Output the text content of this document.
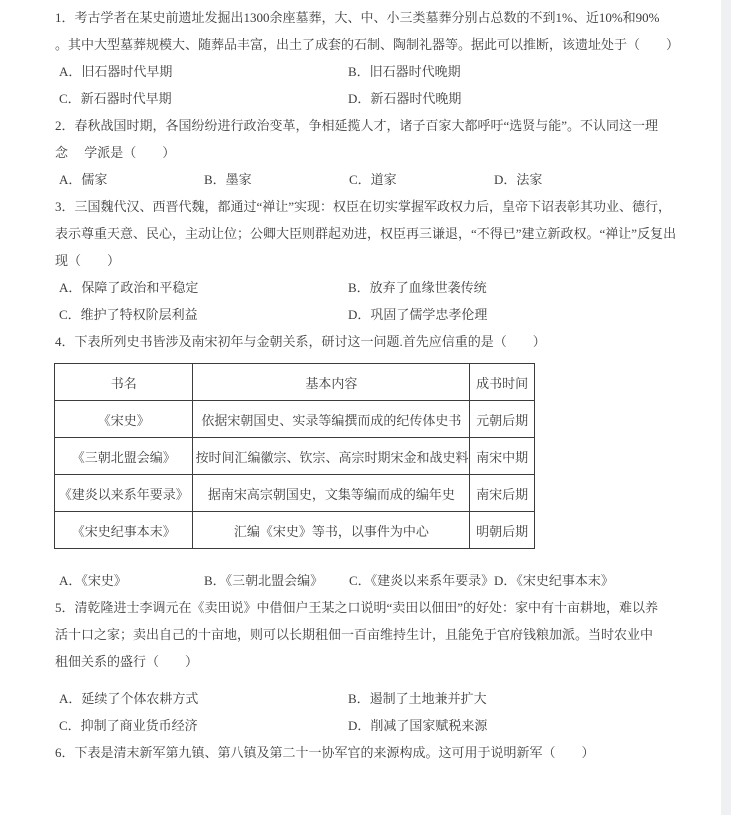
1．考古学者在某史前遗址发掘出1300余座墓葬，大、中、小三类墓葬分别占总数的不到1%、近10%和90%
。其中大型墓葬规模大、随葬品丰富，出土了成套的石制、陶制礼器等。据此可以推断，该遗址处于（　　）
A．旧石器时代早期	B．旧石器时代晚期
C．新石器时代早期	D．新石器时代晚期
2．春秋战国时期，各国纷纷进行政治变革，争相延揽人才，诸子百家大都呼吁“选贤与能”。不认同这一理
念　 学派是（　　）
A．儒家	B．墨家	C．道家	D．法家
3．三国魏代汉、西晋代魏，都通过“禅让”实现：权臣在切实掌握军政权力后，皇帝下诏表彰其功业、德行，
表示尊重天意、民心，主动让位；公卿大臣则群起劝进，权臣再三谦退，“不得已”建立新政权。“禅让”反复出
现（　　）
A．保障了政治和平稳定	B．放弃了血缘世袭传统
C．维护了特权阶层利益	D．巩固了儒学忠孝伦理
4．下表所列史书皆涉及南宋初年与金朝关系，研讨这一问题.首先应信重的是（　　）
书名	基本内容	成书时间
《宋史》	依据宋朝国史、实录等编撰而成的纪传体史书	元朝后期
《三朝北盟会编》	按时间汇编徽宗、钦宗、高宗时期宋金和战史料	南宋中期
《建炎以来系年要录》	据南宋高宗朝国史，文集等编而成的编年史	南宋后期
《宋史纪事本末》	汇编《宋史》等书，以事件为中心	明朝后期
A．《宋史》	B．《三朝北盟会编》	C．《建炎以来系年要录》 D．《宋史纪事本末》
5．清乾隆进士李调元在《卖田说》中借佃户王某之口说明“卖田以佃田”的好处：家中有十亩耕地，难以养
活十口之家；卖出自己的十亩地，则可以长期租佃一百亩维持生计，且能免于官府钱粮加派。当时农业中
租佃关系的盛行（　　）
A．延续了个体农耕方式	B．遏制了土地兼并扩大
C．抑制了商业货币经济	D．削减了国家赋税来源
6．下表是清末新军第九镇、第八镇及第二十一协军官的来源构成。这可用于说明新军（　　）
